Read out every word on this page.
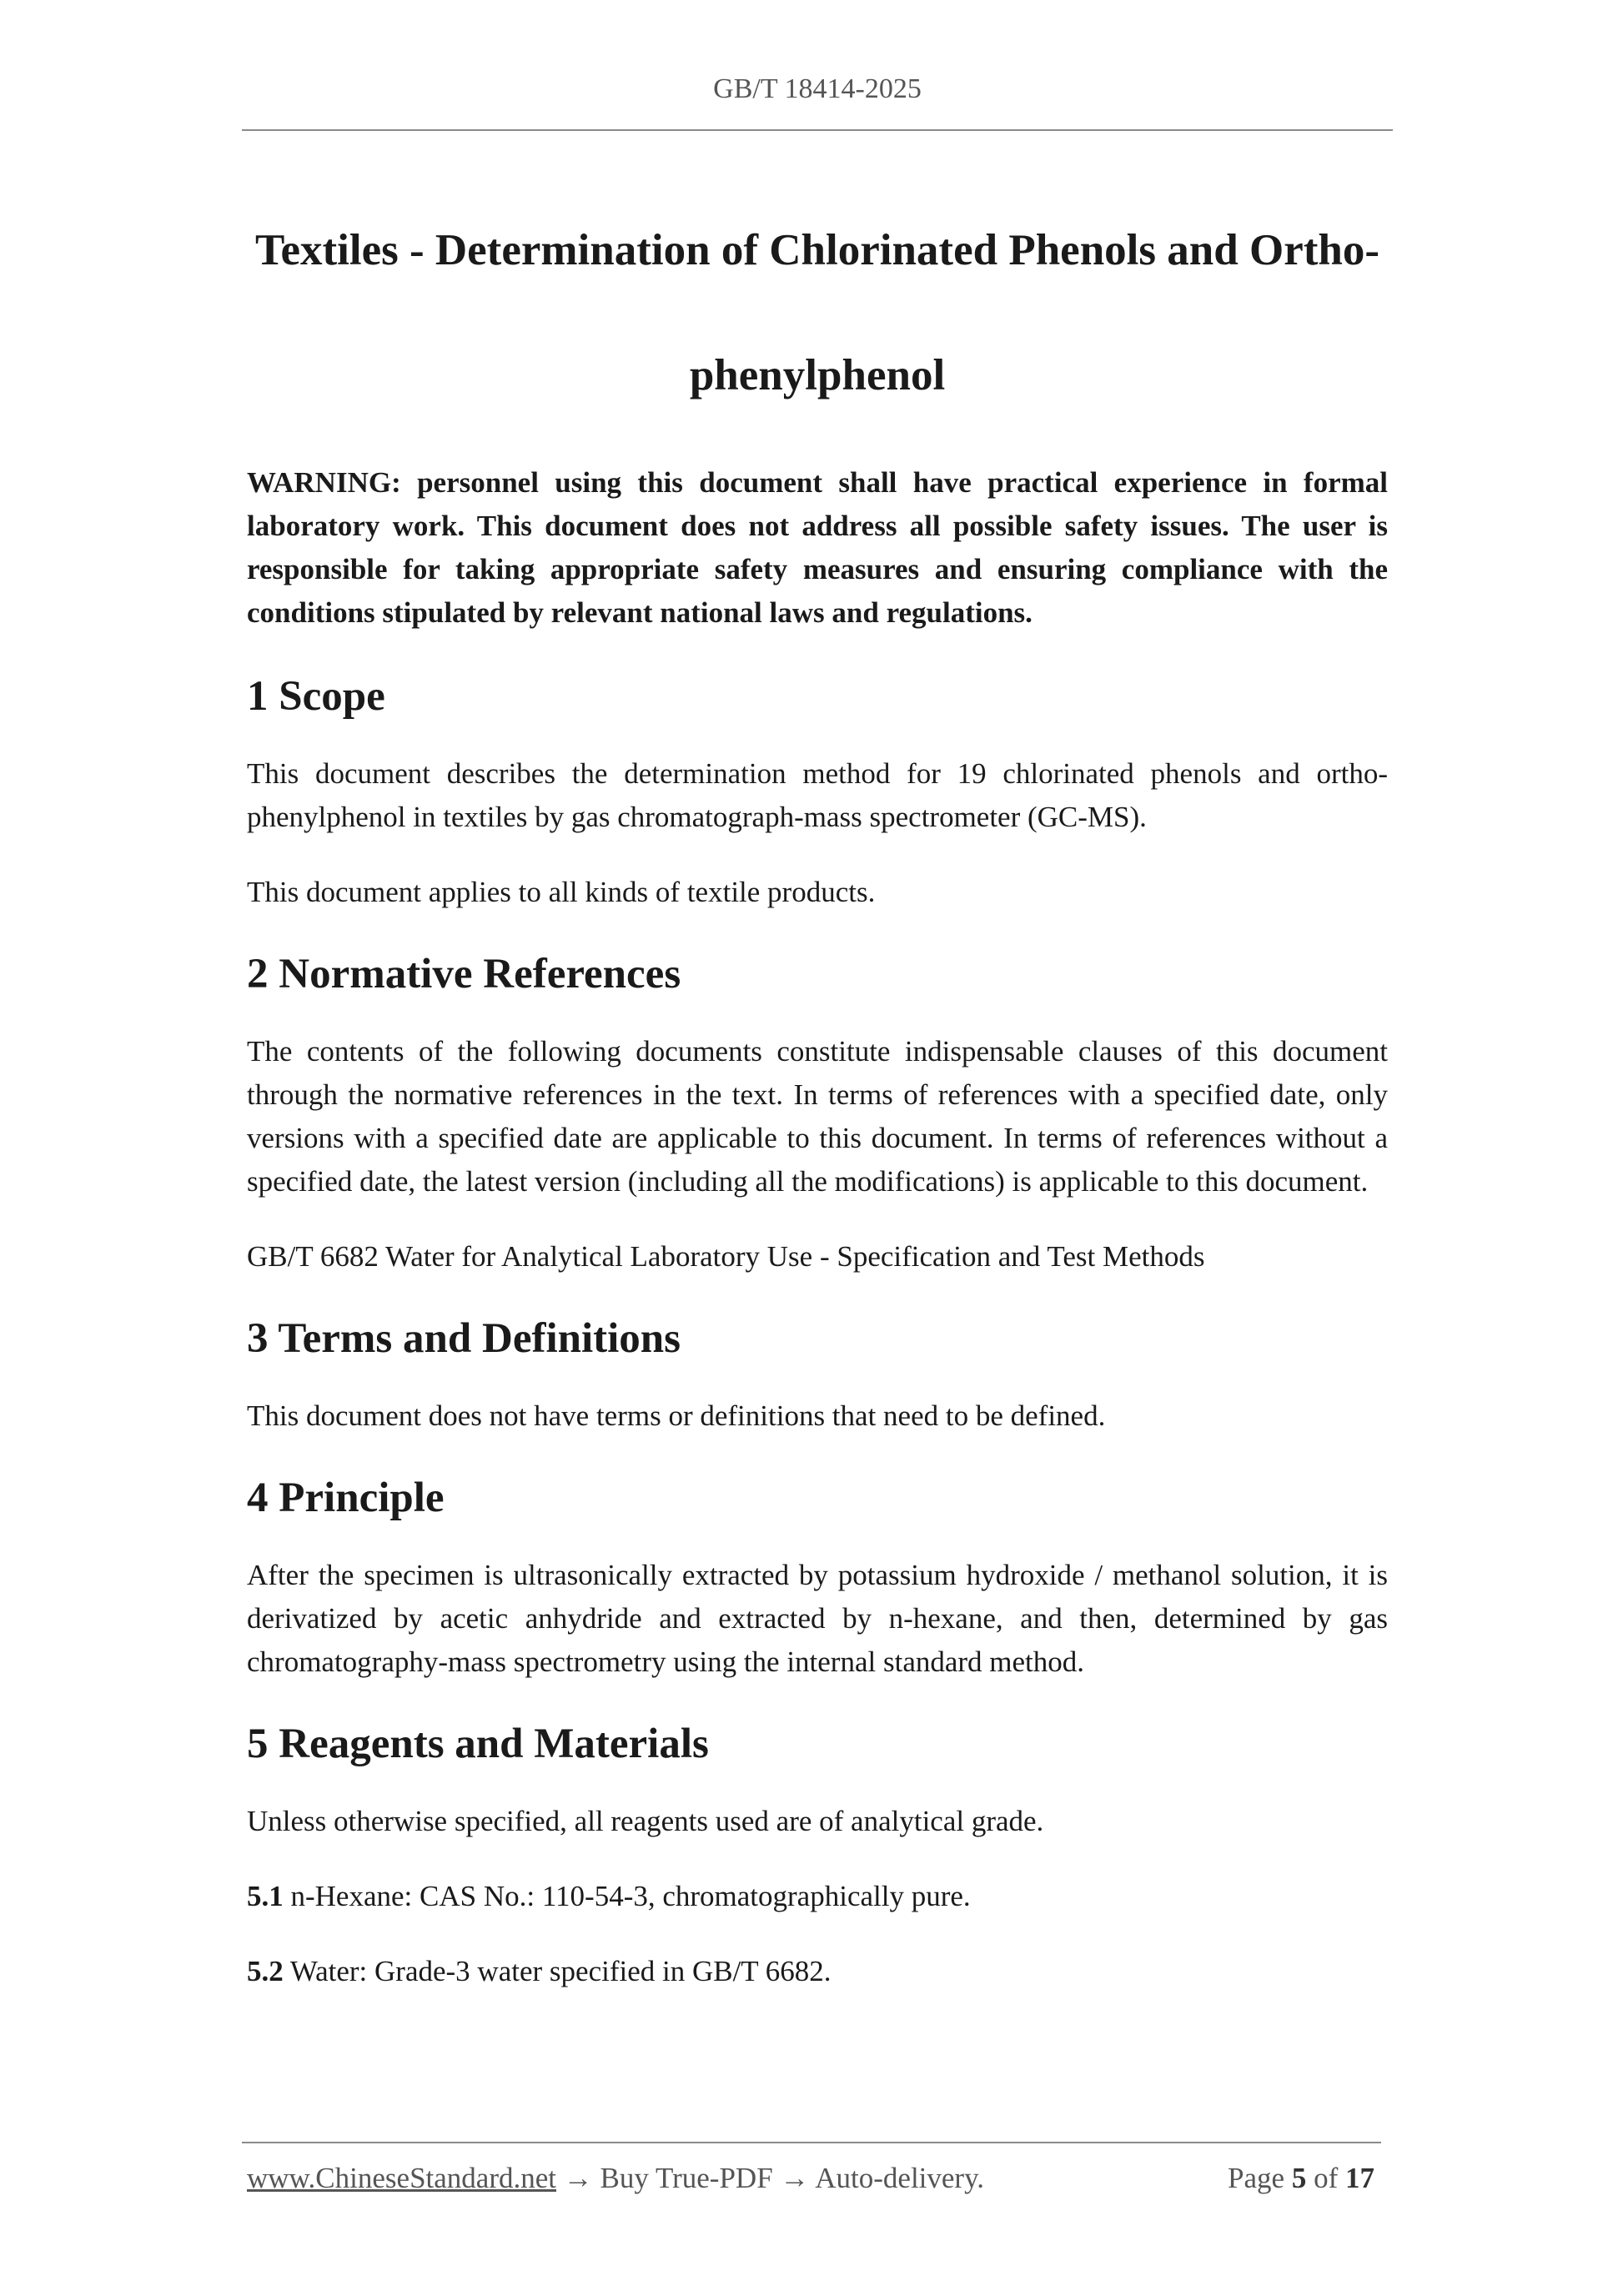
GB/T 18414-2025
Textiles - Determination of Chlorinated Phenols and Ortho-
phenylphenol

WARNING: personnel using this document shall have practical experience in formal laboratory work. This document does not address all possible safety issues. The user is responsible for taking appropriate safety measures and ensuring compliance with the conditions stipulated by relevant national laws and regulations.

1 Scope

This document describes the determination method for 19 chlorinated phenols and ortho-phenylphenol in textiles by gas chromatograph-mass spectrometer (GC-MS).

This document applies to all kinds of textile products.

2 Normative References

The contents of the following documents constitute indispensable clauses of this document through the normative references in the text. In terms of references with a specified date, only versions with a specified date are applicable to this document. In terms of references without a specified date, the latest version (including all the modifications) is applicable to this document.

GB/T 6682 Water for Analytical Laboratory Use - Specification and Test Methods

3 Terms and Definitions

This document does not have terms or definitions that need to be defined.

4 Principle

After the specimen is ultrasonically extracted by potassium hydroxide / methanol solution, it is derivatized by acetic anhydride and extracted by n-hexane, and then, determined by gas chromatography-mass spectrometry using the internal standard method.

5 Reagents and Materials

Unless otherwise specified, all reagents used are of analytical grade.

5.1 n-Hexane: CAS No.: 110-54-3, chromatographically pure.

5.2 Water: Grade-3 water specified in GB/T 6682.

www.ChineseStandard.net → Buy True-PDF → Auto-delivery.	Page 5 of 17
